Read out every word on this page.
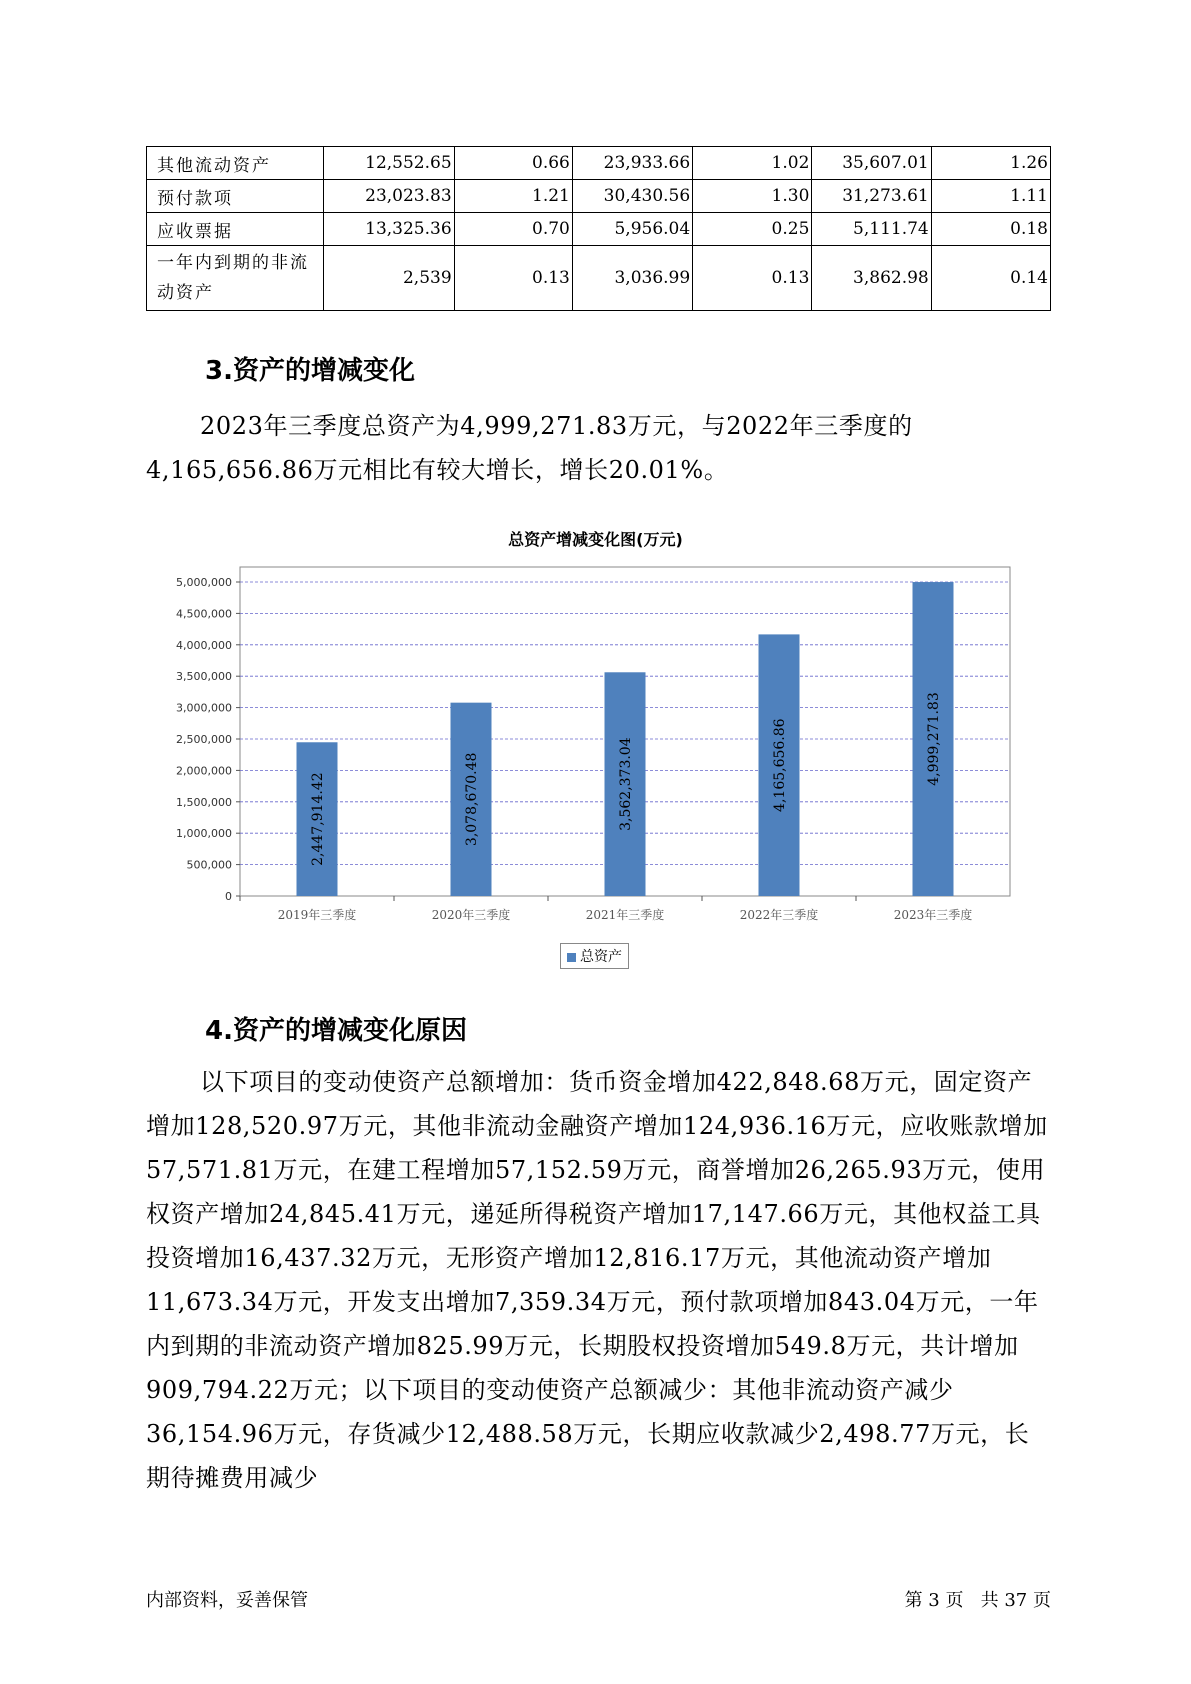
其他流动资产	12,552.65	0.66	23,933.66	1.02	35,607.01	1.26
预付款项	23,023.83	1.21	30,430.56	1.30	31,273.61	1.11
应收票据	13,325.36	0.70	5,956.04	0.25	5,111.74	0.18
一年内到期的非流
动资产	2,539	0.13	3,036.99	0.13	3,862.98	0.14
3.资产的增减变化

2023年三季度总资产为4,999,271.83万元，与2022年三季度的4,165,656.86万元相比有较大增长，增长20.01%。

总资产增减变化图(万元)
2,447,914.42	3,078,670.48	3,562,373.04	4,165,656.86	4,999,271.83
0
500,000
1,000,000
1,500,000
2,000,000
2,500,000
3,000,000
3,500,000
4,000,000
4,500,000
5,000,000
2019年三季度	2020年三季度	2021年三季度	2022年三季度	2023年三季度
总资产
4.资产的增减变化原因

以下项目的变动使资产总额增加：货币资金增加422,848.68万元，固定资产增加128,520.97万元，其他非流动金融资产增加124,936.16万元，应收账款增加57,571.81万元，在建工程增加57,152.59万元，商誉增加26,265.93万元，使用权资产增加24,845.41万元，递延所得税资产增加17,147.66万元，其他权益工具投资增加16,437.32万元，无形资产增加12,816.17万元，其他流动资产增加11,673.34万元，开发支出增加7,359.34万元，预付款项增加843.04万元，一年内到期的非流动资产增加825.99万元，长期股权投资增加549.8万元，共计增加909,794.22万元；以下项目的变动使资产总额减少：其他非流动资产减少36,154.96万元，存货减少12,488.58万元，长期应收款减少2,498.77万元，长期待摊费用减少

内部资料，妥善保管	第 3 页   共 37 页
